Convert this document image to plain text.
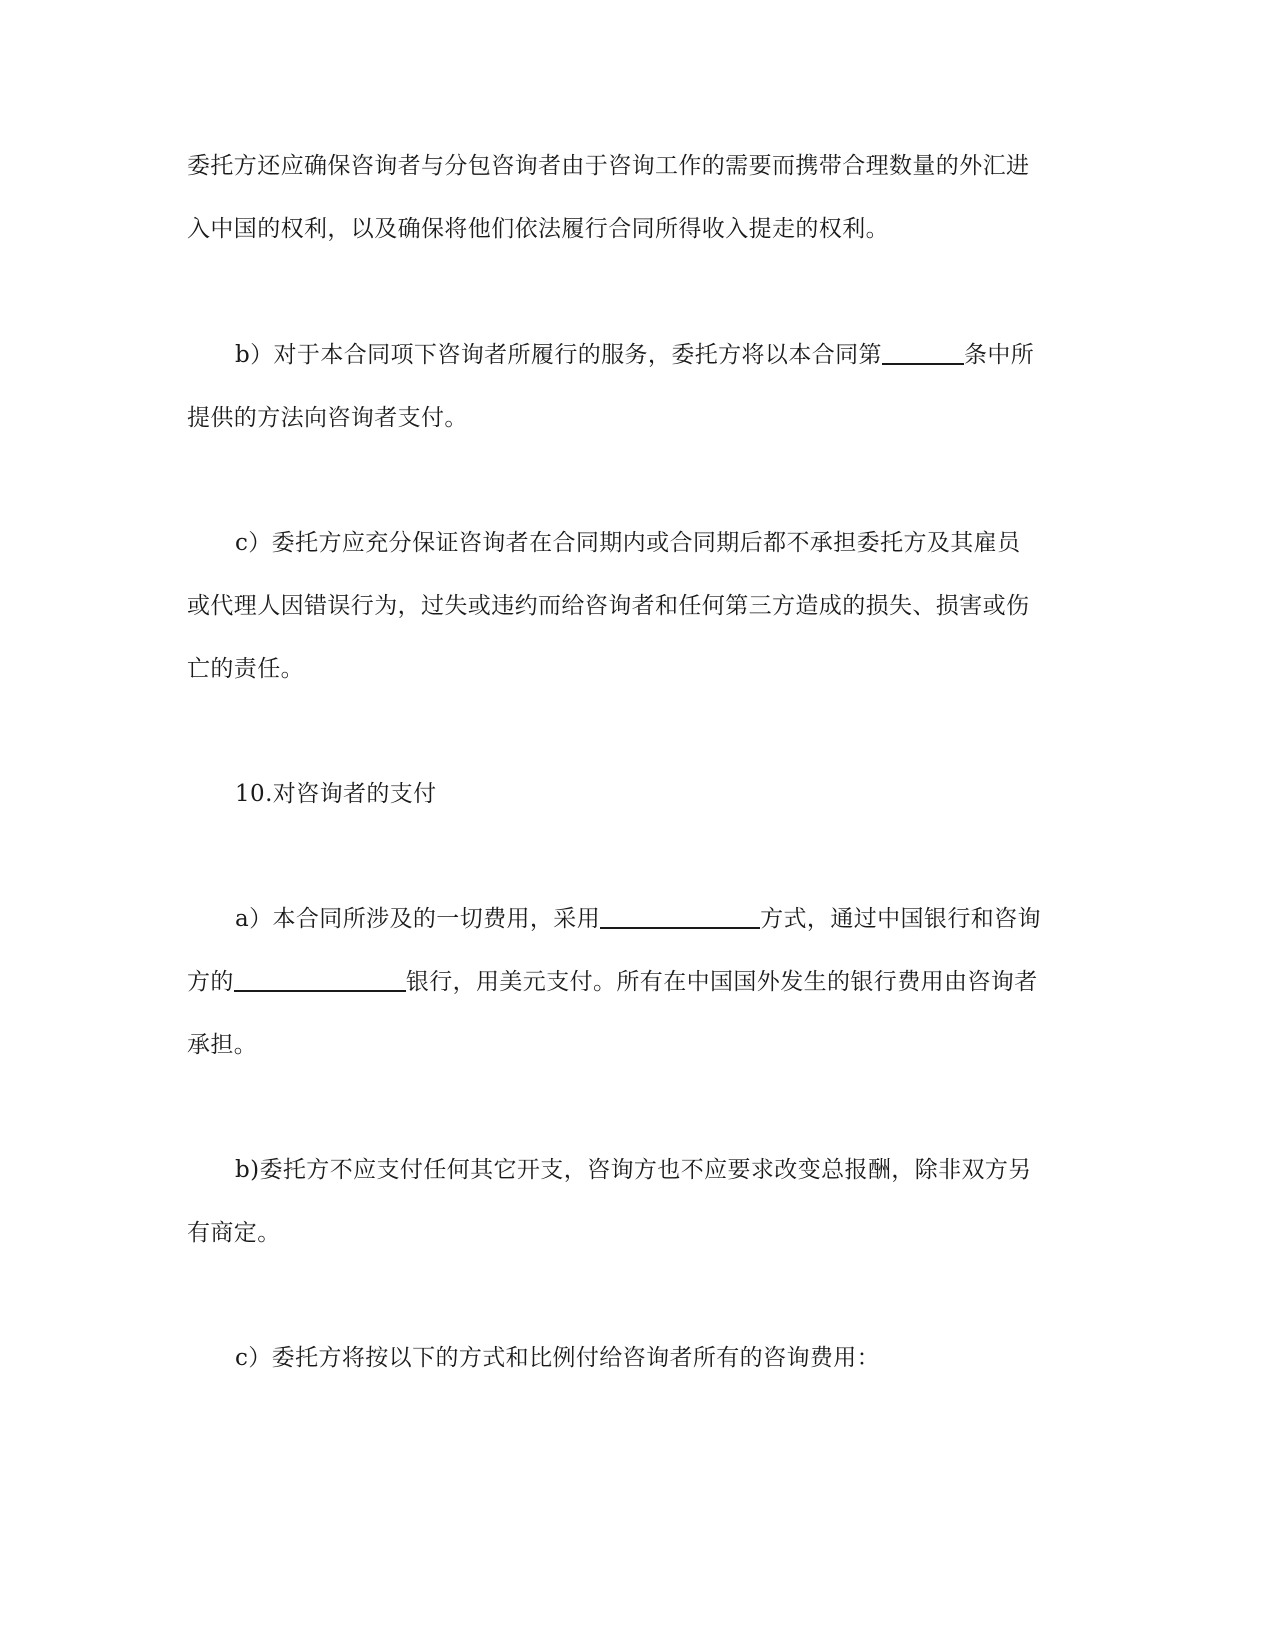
委托方还应确保咨询者与分包咨询者由于咨询工作的需要而携带合理数量的外汇进
入中国的权利，以及确保将他们依法履行合同所得收入提走的权利。
b）对于本合同项下咨询者所履行的服务，委托方将以本合同第	条中所
提供的方法向咨询者支付。
c）委托方应充分保证咨询者在合同期内或合同期后都不承担委托方及其雇员
或代理人因错误行为，过失或违约而给咨询者和任何第三方造成的损失、损害或伤
亡的责任。
10.对咨询者的支付
a）本合同所涉及的一切费用，采用	方式，通过中国银行和咨询
方的	银行，用美元支付。所有在中国国外发生的银行费用由咨询者
承担。
b)委托方不应支付任何其它开支，咨询方也不应要求改变总报酬，除非双方另
有商定。
c）委托方将按以下的方式和比例付给咨询者所有的咨询费用：
